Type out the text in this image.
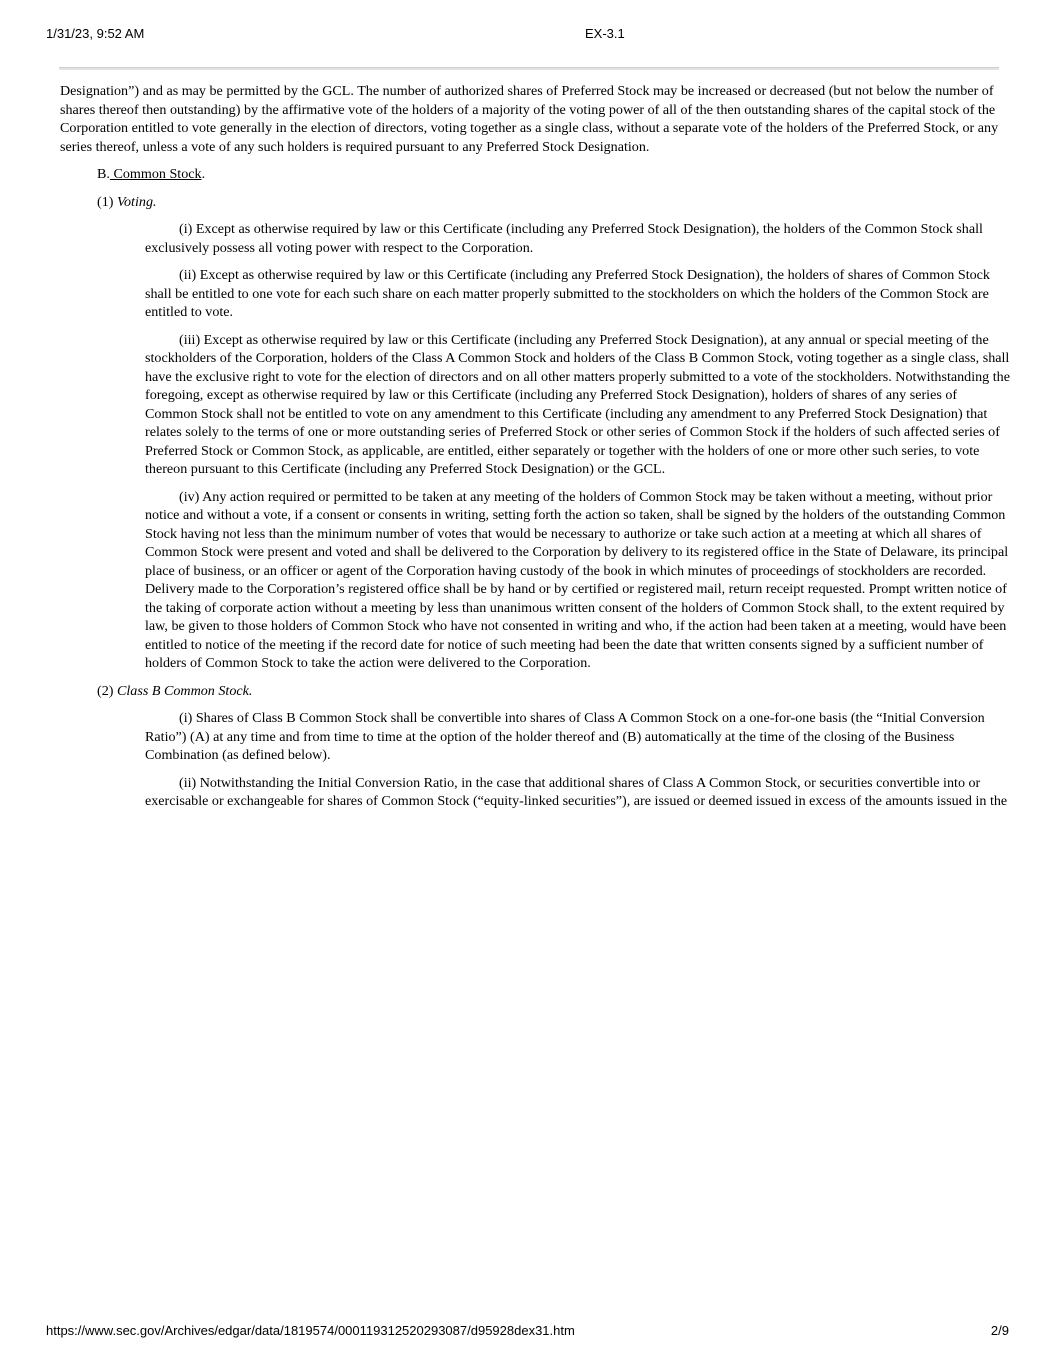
1/31/23, 9:52 AM	EX-3.1

Designation”) and as may be permitted by the GCL. The number of authorized shares of Preferred Stock may be increased or decreased (but not below the number of shares thereof then outstanding) by the affirmative vote of the holders of a majority of the voting power of all of the then outstanding shares of the capital stock of the Corporation entitled to vote generally in the election of directors, voting together as a single class, without a separate vote of the holders of the Preferred Stock, or any series thereof, unless a vote of any such holders is required pursuant to any Preferred Stock Designation.

B. Common Stock.

(1) Voting.

(i) Except as otherwise required by law or this Certificate (including any Preferred Stock Designation), the holders of the Common Stock shall exclusively possess all voting power with respect to the Corporation.

(ii) Except as otherwise required by law or this Certificate (including any Preferred Stock Designation), the holders of shares of Common Stock shall be entitled to one vote for each such share on each matter properly submitted to the stockholders on which the holders of the Common Stock are entitled to vote.

(iii) Except as otherwise required by law or this Certificate (including any Preferred Stock Designation), at any annual or special meeting of the stockholders of the Corporation, holders of the Class A Common Stock and holders of the Class B Common Stock, voting together as a single class, shall have the exclusive right to vote for the election of directors and on all other matters properly submitted to a vote of the stockholders. Notwithstanding the foregoing, except as otherwise required by law or this Certificate (including any Preferred Stock Designation), holders of shares of any series of Common Stock shall not be entitled to vote on any amendment to this Certificate (including any amendment to any Preferred Stock Designation) that relates solely to the terms of one or more outstanding series of Preferred Stock or other series of Common Stock if the holders of such affected series of Preferred Stock or Common Stock, as applicable, are entitled, either separately or together with the holders of one or more other such series, to vote thereon pursuant to this Certificate (including any Preferred Stock Designation) or the GCL.

(iv) Any action required or permitted to be taken at any meeting of the holders of Common Stock may be taken without a meeting, without prior notice and without a vote, if a consent or consents in writing, setting forth the action so taken, shall be signed by the holders of the outstanding Common Stock having not less than the minimum number of votes that would be necessary to authorize or take such action at a meeting at which all shares of Common Stock were present and voted and shall be delivered to the Corporation by delivery to its registered office in the State of Delaware, its principal place of business, or an officer or agent of the Corporation having custody of the book in which minutes of proceedings of stockholders are recorded. Delivery made to the Corporation’s registered office shall be by hand or by certified or registered mail, return receipt requested. Prompt written notice of the taking of corporate action without a meeting by less than unanimous written consent of the holders of Common Stock shall, to the extent required by law, be given to those holders of Common Stock who have not consented in writing and who, if the action had been taken at a meeting, would have been entitled to notice of the meeting if the record date for notice of such meeting had been the date that written consents signed by a sufficient number of holders of Common Stock to take the action were delivered to the Corporation.

(2) Class B Common Stock.

(i) Shares of Class B Common Stock shall be convertible into shares of Class A Common Stock on a one-for-one basis (the “Initial Conversion Ratio”) (A) at any time and from time to time at the option of the holder thereof and (B) automatically at the time of the closing of the Business Combination (as defined below).

(ii) Notwithstanding the Initial Conversion Ratio, in the case that additional shares of Class A Common Stock, or securities convertible into or exercisable or exchangeable for shares of Common Stock (“equity-linked securities”), are issued or deemed issued in excess of the amounts issued in the

https://www.sec.gov/Archives/edgar/data/1819574/000119312520293087/d95928dex31.htm	2/9
